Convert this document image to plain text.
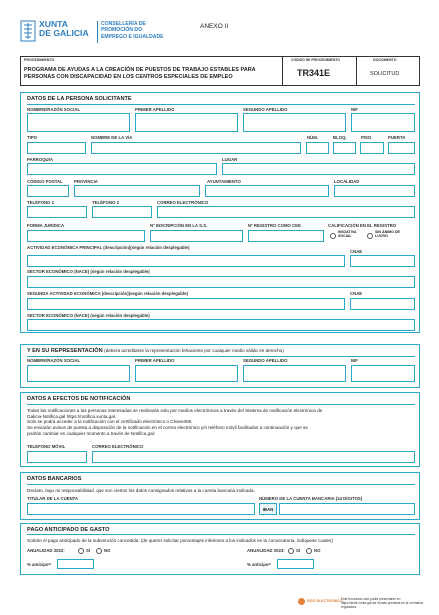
XUNTA
DE GALICIA
CONSELLERÍA DE
PROMOCIÓN DO
EMPREGO E IGUALDADE
ANEXO II
PROCEDIMIENTO
PROGRAMA DE AYUDAS A LA CREACIÓN DE PUESTOS DE TRABAJO ESTABLES PARA
PERSONAS CON DISCAPACIDAD EN LOS CENTROS ESPECIALES DE EMPLEO
CÓDIGO DE PROCEDIMIENTO
TR341E
DOCUMENTO
SOLICITUD
DATOS DE LA PERSONA SOLICITANTE
NOMBRE/RAZÓN SOCIAL	PRIMER APELLIDO	SEGUNDO APELLIDO	NIF
TIPO	NOMBRE DE LA VÍA	NÚM.	BLOQ.	PISO	PUERTA
PARROQUIA	LUGAR
CÓDIGO POSTAL	PROVINCIA	AYUNTAMIENTO	LOCALIDAD
TELÉFONO 1	TELÉFONO 2	CORREO ELECTRÓNICO
FORMA JURÍDICA	Nº INSCRIPCIÓN EN LA S.S.	Nº REGISTRO COMO CEE	CALIFICACIÓN EN EL REGISTRO
INICIATIVA
SOCIAL
SIN ÁNIMO DE
LUCRO
ACTIVIDAD ECONÓMICA PRINCIPAL (descripción)(según relación desplegable)
CNAE
SECTOR ECONÓMICO (NACE) (según relación desplegable)
SEGUNDA ACTIVIDAD ECONÓMICA (descripción)(según relación desplegable)	CNAE
SECTOR ECONÓMICO (NACE) (según relación desplegable)
Y EN SU REPRESENTACIÓN (deberá acreditarse la representación fehaciente por cualquier medio válido en derecho)
NOMBRE/RAZÓN SOCIAL	PRIMER APELLIDO	SEGUNDO APELLIDO	NIF
DATOS A EFECTOS DE NOTIFICACIÓN
Todas las notificaciones a las personas interesadas se realizarán solo por medios electrónicos a través del Sistema de notificación electrónica de
Galicia-Notifica.gal https://notifica.xunta.gal.
Solo se podrá acceder a la notificación con el certificado electrónico o Chave365.
Se enviarán avisos de puesta a disposición de la notificación en el correo electrónico y/o teléfono móvil facilitados a continuación y que se
podrán cambiar en cualquier momento a través de Notifica.gal:
TELÉFONO MÓVIL	CORREO ELECTRÓNICO
DATOS BANCARIOS
Declaro, bajo mi responsabilidad, que son ciertos los datos consignados relativos a la cuenta bancaria indicada.
TITULAR DE LA CUENTA	NÚMERO DE LA CUENTA BANCARIA (24 DÍGITOS)
IBAN
PAGO ANTICIPADO DE GASTO
Solicito el pago anticipado de la subvención concedida: (de querer solicitar porcentajes inferiores a los indicados en la convocatoria, indíquese cuales)
ANUALIDAD 2022:	SÍ	NO	ANUALIDAD 2023:	SÍ	NO
% anticipo=	% anticipo=
ISSO ELECTRÓNICO
Este formulario solo podrá presentarse en
https://sede.xunta.gal las formas previstas en la normativa reguladora
